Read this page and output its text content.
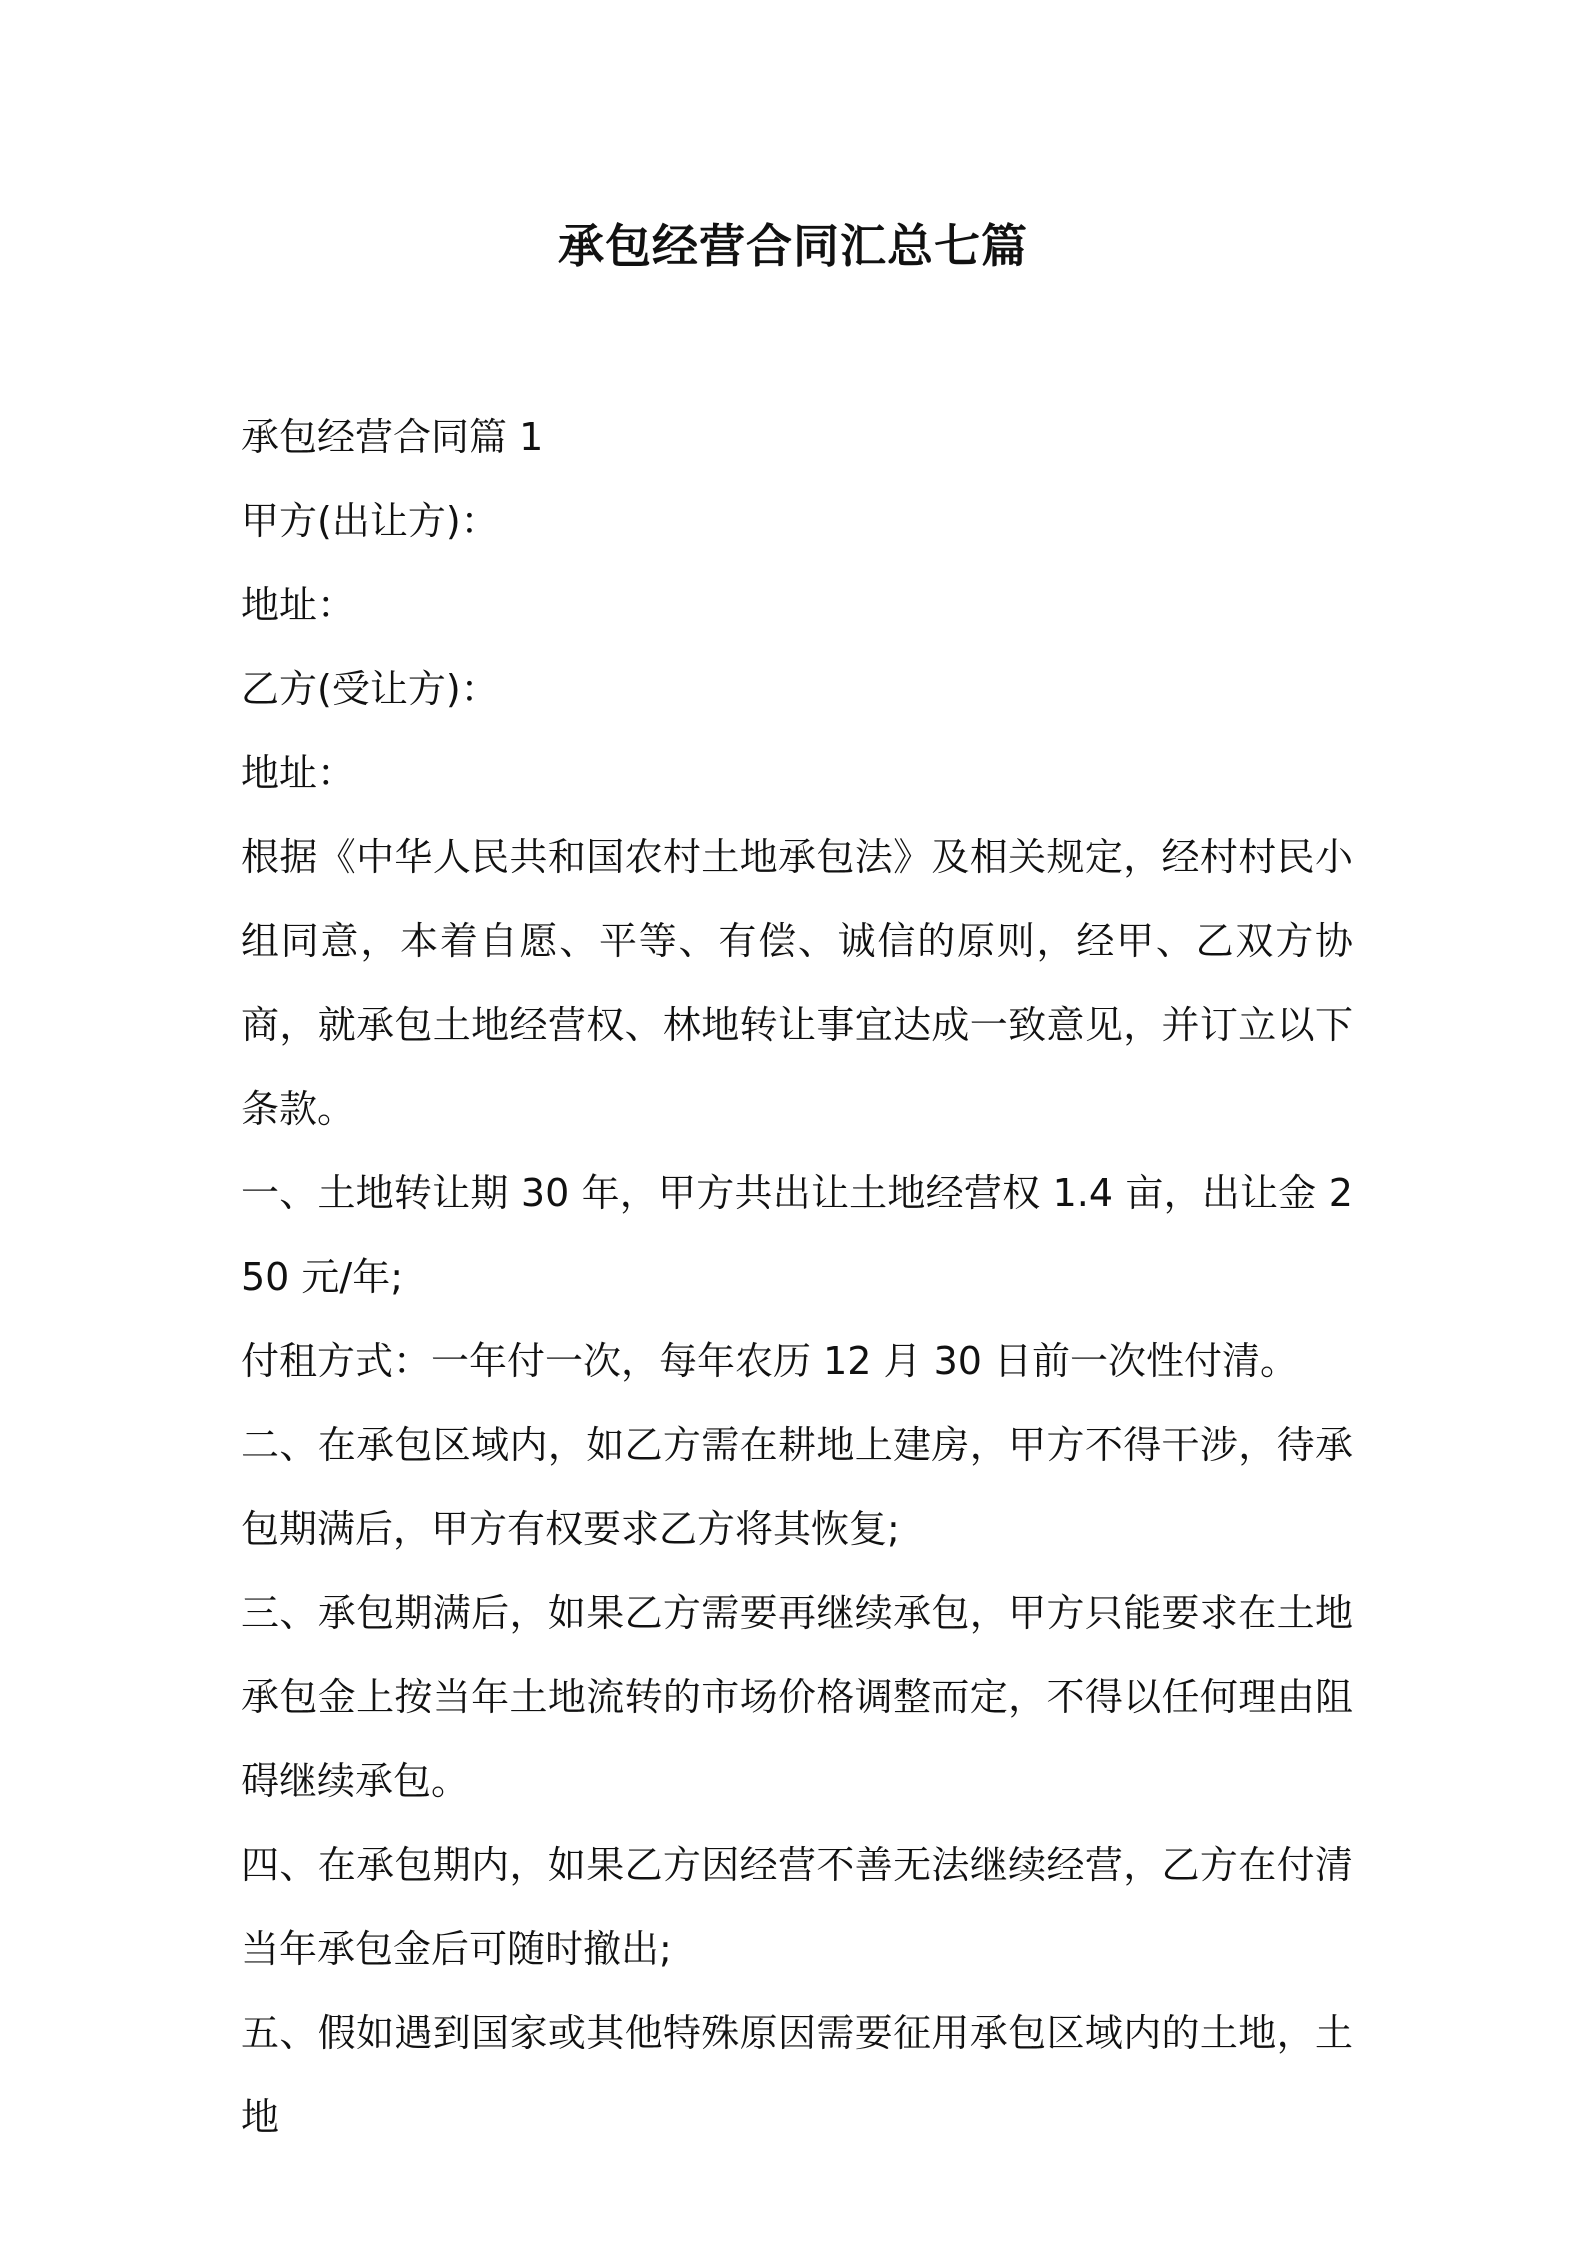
承包经营合同汇总七篇

承包经营合同篇 1

甲方(出让方)：

地址：

乙方(受让方)：

地址：

根据《中华人民共和国农村土地承包法》及相关规定，经村村民小组同意，本着自愿、平等、有偿、诚信的原则，经甲、乙双方协商，就承包土地经营权、林地转让事宜达成一致意见，并订立以下条款。

一、土地转让期 30 年，甲方共出让土地经营权 1.4 亩，出让金 250 元/年;

付租方式：一年付一次，每年农历 12 月 30 日前一次性付清。

二、在承包区域内，如乙方需在耕地上建房，甲方不得干涉，待承包期满后，甲方有权要求乙方将其恢复;

三、承包期满后，如果乙方需要再继续承包，甲方只能要求在土地承包金上按当年土地流转的市场价格调整而定，不得以任何理由阻碍继续承包。

四、在承包期内，如果乙方因经营不善无法继续经营，乙方在付清当年承包金后可随时撤出;

五、假如遇到国家或其他特殊原因需要征用承包区域内的土地，土地
